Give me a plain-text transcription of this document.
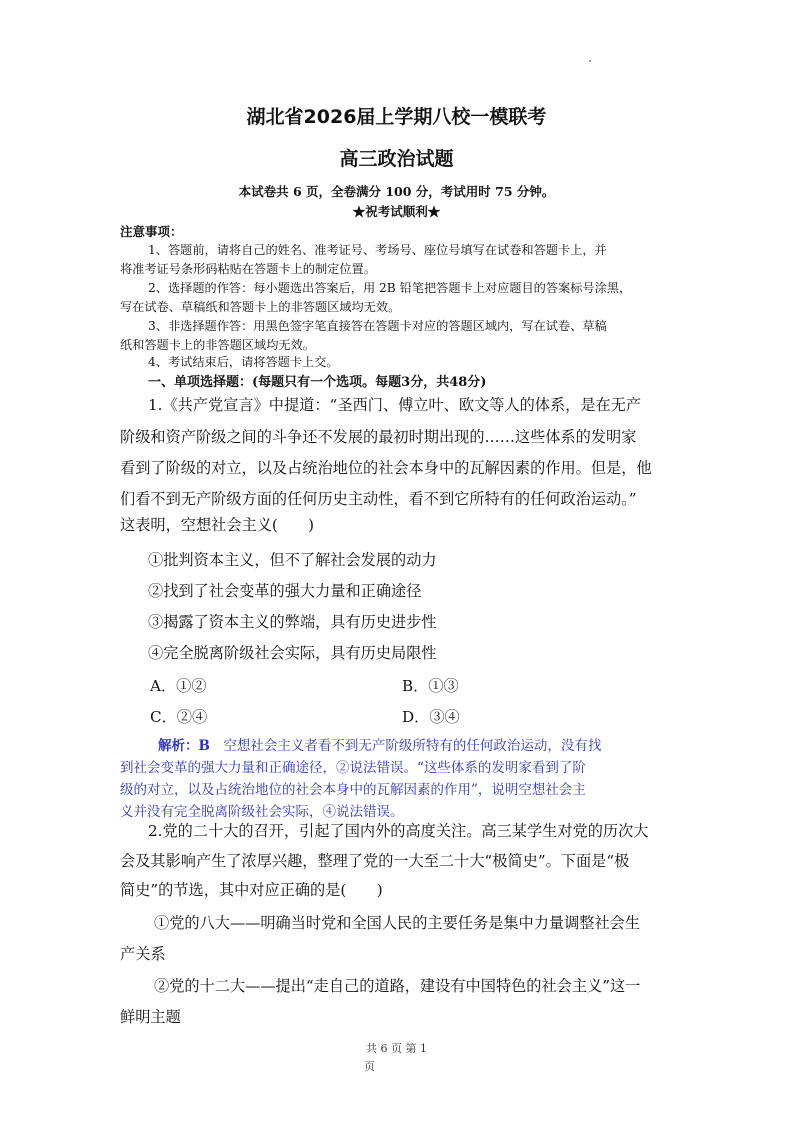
湖北省2026届上学期八校一模联考
高三政治试题
本试卷共 6 页，全卷满分 100 分，考试用时 75 分钟。
★祝考试顺利★
注意事项：
1、答题前，请将自己的姓名、准考证号、考场号、座位号填写在试卷和答题卡上，并
将准考证号条形码粘贴在答题卡上的制定位置。
2、选择题的作答：每小题选出答案后，用 2B 铅笔把答题卡上对应题目的答案标号涂黑，
写在试卷、草稿纸和答题卡上的非答题区域均无效。
3、非选择题作答：用黑色签字笔直接答在答题卡对应的答题区域内，写在试卷、草稿
纸和答题卡上的非答题区域均无效。
4、考试结束后，请将答题卡上交。
一、单项选择题：(每题只有一个选项。每题3分，共48分)
1.《共产党宣言》中提道：“圣西门、傅立叶、欧文等人的体系，是在无产
阶级和资产阶级之间的斗争还不发展的最初时期出现的……这些体系的发明家
看到了阶级的对立，以及占统治地位的社会本身中的瓦解因素的作用。但是，他
们看不到无产阶级方面的任何历史主动性，看不到它所特有的任何政治运动。”
这表明，空想社会主义(　　)
①批判资本主义，但不了解社会发展的动力
②找到了社会变革的强大力量和正确途径
③揭露了资本主义的弊端，具有历史进步性
④完全脱离阶级社会实际，具有历史局限性
A．①②	B．①③
C．②④	D．③④
解析：B　空想社会主义者看不到无产阶级所特有的任何政治运动，没有找
到社会变革的强大力量和正确途径，②说法错误。“这些体系的发明家看到了阶
级的对立，以及占统治地位的社会本身中的瓦解因素的作用”，说明空想社会主
义并没有完全脱离阶级社会实际，④说法错误。
2.党的二十大的召开，引起了国内外的高度关注。高三某学生对党的历次大
会及其影响产生了浓厚兴趣，整理了党的一大至二十大“极简史”。下面是“极
简史”的节选，其中对应正确的是(　　)
①党的八大——明确当时党和全国人民的主要任务是集中力量调整社会生
产关系
②党的十二大——提出“走自己的道路，建设有中国特色的社会主义”这一
鲜明主题
共 6 页 第 1
页
